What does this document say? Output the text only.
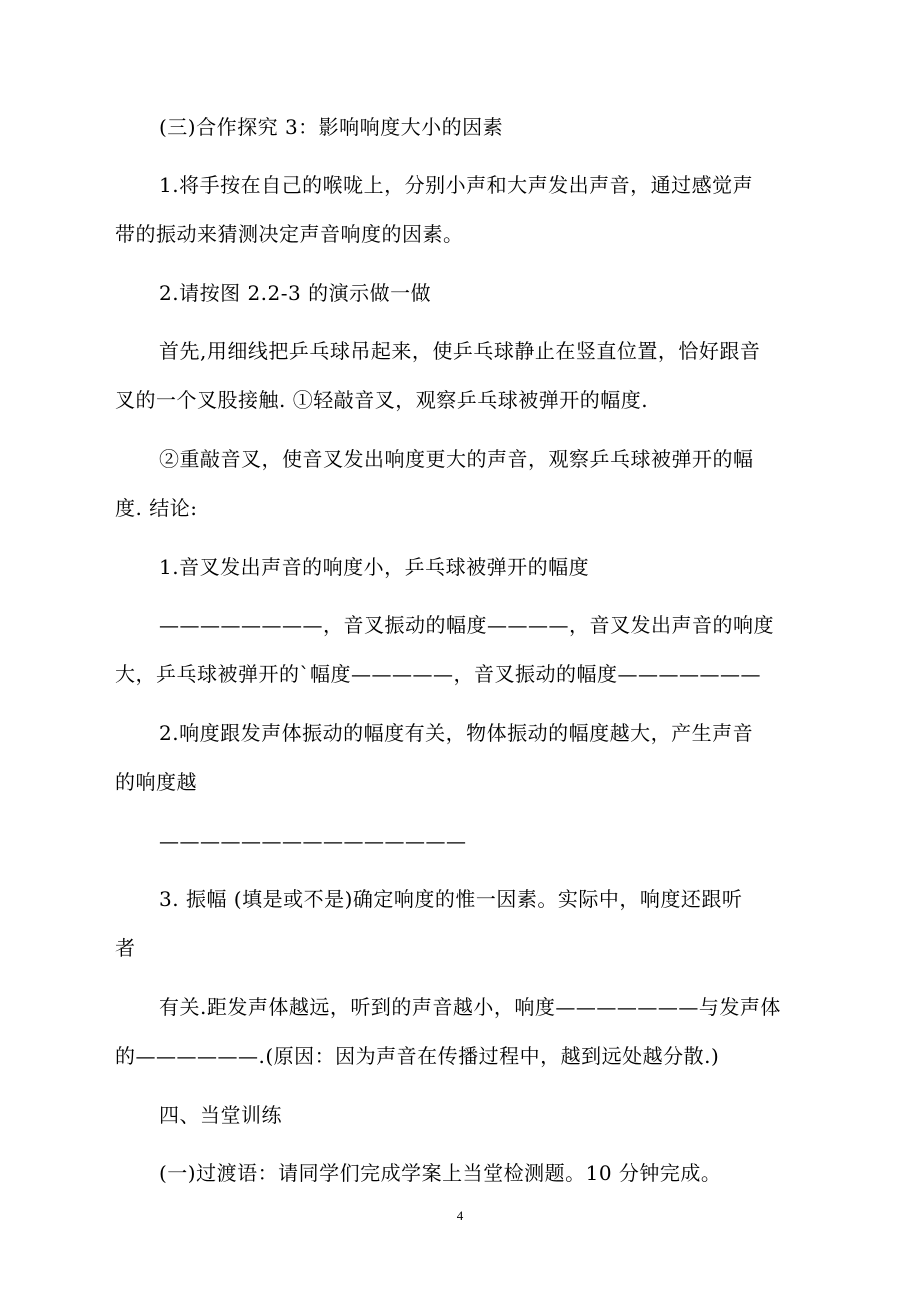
(三)合作探究 3：影响响度大小的因素
1.将手按在自己的喉咙上，分别小声和大声发出声音，通过感觉声
带的振动来猜测决定声音响度的因素。
2.请按图 2.2-3 的演示做一做
首先,用细线把乒乓球吊起来，使乒乓球静止在竖直位置，恰好跟音
叉的一个叉股接触. ①轻敲音叉，观察乒乓球被弹开的幅度.
②重敲音叉，使音叉发出响度更大的声音，观察乒乓球被弹开的幅
度. 结论:
1.音叉发出声音的响度小，乒乓球被弹开的幅度
————————，音叉振动的幅度————，音叉发出声音的响度
大，乒乓球被弹开的`幅度—————，音叉振动的幅度———————
2.响度跟发声体振动的幅度有关，物体振动的幅度越大，产生声音
的响度越
———————————————
3. 振幅 (填是或不是)确定响度的惟一因素。实际中，响度还跟听
者
有关.距发声体越远，听到的声音越小，响度———————与发声体
的——————.(原因：因为声音在传播过程中，越到远处越分散.)
四、当堂训练
(一)过渡语：请同学们完成学案上当堂检测题。10 分钟完成。
4
